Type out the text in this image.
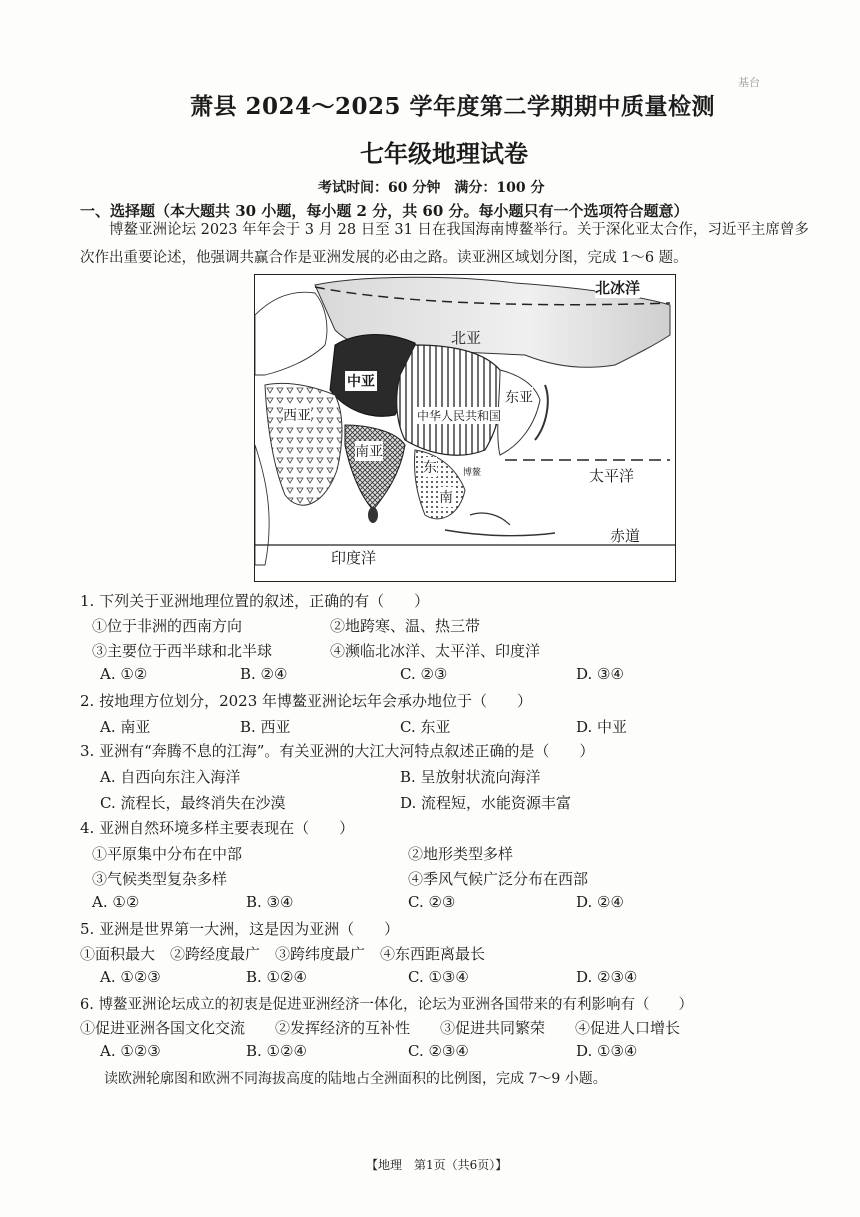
基台
萧县 2024～2025 学年度第二学期期中质量检测
七年级地理试卷
考试时间：60 分钟　满分：100 分
一、选择题（本大题共 30 小题，每小题 2 分，共 60 分。每小题只有一个选项符合题意）
博鳌亚洲论坛 2023 年年会于 3 月 28 日至 31 日在我国海南博鳌举行。关于深化亚太合作，习近平主席曾多次作出重要论述，他强调共赢合作是亚洲发展的必由之路。读亚洲区域划分图，完成 1～6 题。
北冰洋
北亚
中亚
东亚
西亚	中华人民共和国
南亚
东	博鳌
南
太平洋
赤道
印度洋
1. 下列关于亚洲地理位置的叙述，正确的有（　　）
①位于非洲的西南方向	②地跨寒、温、热三带
③主要位于西半球和北半球	④濒临北冰洋、太平洋、印度洋
A. ①②	B. ②④	C. ②③	D. ③④
2. 按地理方位划分，2023 年博鳌亚洲论坛年会承办地位于（　　）
A. 南亚	B. 西亚	C. 东亚	D. 中亚
3. 亚洲有“奔腾不息的江海”。有关亚洲的大江大河特点叙述正确的是（　　）
A. 自西向东注入海洋	B. 呈放射状流向海洋
C. 流程长，最终消失在沙漠	D. 流程短，水能资源丰富
4. 亚洲自然环境多样主要表现在（　　）
①平原集中分布在中部	②地形类型多样
③气候类型复杂多样	④季风气候广泛分布在西部
A. ①②	B. ③④	C. ②③	D. ②④
5. 亚洲是世界第一大洲，这是因为亚洲（　　）
①面积最大　②跨经度最广　③跨纬度最广　④东西距离最长
A. ①②③	B. ①②④	C. ①③④	D. ②③④
6. 博鳌亚洲论坛成立的初衷是促进亚洲经济一体化，论坛为亚洲各国带来的有利影响有（　　）
①促进亚洲各国文化交流　　②发挥经济的互补性　　③促进共同繁荣　　④促进人口增长
A. ①②③	B. ①②④	C. ②③④	D. ①③④
读欧洲轮廓图和欧洲不同海拔高度的陆地占全洲面积的比例图，完成 7～9 小题。
【地理　第1页（共6页）】
